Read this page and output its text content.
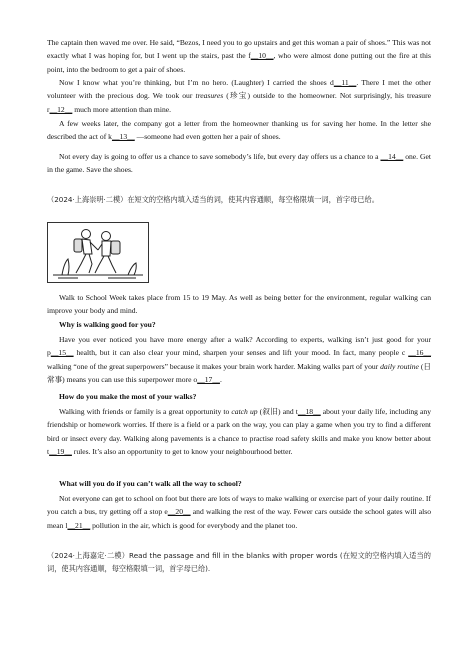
The captain then waved me over. He said, “Bezos, I need you to go upstairs and get this woman a pair of shoes.” This was not exactly what I was hoping for, but I went up the stairs, past the f__10__, who were almost done putting out the fire at this point, into the bedroom to get a pair of shoes.

Now I know what you’re thinking, but I’m no hero. (Laughter) I carried the shoes d__11__. There I met the other volunteer with the precious dog. We took our treasures (珍宝) outside to the homeowner. Not surprisingly, his treasure r__12__ much more attention than mine.

A few weeks later, the company got a letter from the homeowner thanking us for saving her home. In the letter she described the act of k__13__ —someone had even gotten her a pair of shoes.

Not every day is going to offer us a chance to save somebody’s life, but every day offers us a chance to a __14__ one. Get in the game. Save the shoes.

（2024·上海崇明·二模）在短文的空格内填入适当的词，使其内容通顺，每空格限填一词，首字母已给。

Walk to School Week takes place from 15 to 19 May. As well as being better for the environment, regular walking can improve your body and mind.

Why is walking good for you?

Have you ever noticed you have more energy after a walk? According to experts, walking isn’t just good for your p__15__ health, but it can also clear your mind, sharpen your senses and lift your mood. In fact, many people c __16__ walking “one of the great superpowers” because it makes your brain work harder. Making walks part of your daily routine (日常事) means you can use this superpower more o__17__.

How do you make the most of your walks?

Walking with friends or family is a great opportunity to catch up (叙旧) and t__18__ about your daily life, including any friendship or homework worries. If there is a field or a park on the way, you can play a game when you try to find a different bird or insect every day. Walking along pavements is a chance to practise road safety skills and make you know better about t__19__ rules. It’s also an opportunity to get to know your neighbourhood better.

What will you do if you can’t walk all the way to school?

Not everyone can get to school on foot but there are lots of ways to make walking or exercise part of your daily routine. If you catch a bus, try getting off a stop e__20__ and walking the rest of the way. Fewer cars outside the school gates will also mean l__21__ pollution in the air, which is good for everybody and the planet too.

（2024·上海嘉定·二模）Read the passage and fill in the blanks with proper words (在短文的空格内填入适当的词，使其内容通顺，每空格限填一词，首字母已给).
